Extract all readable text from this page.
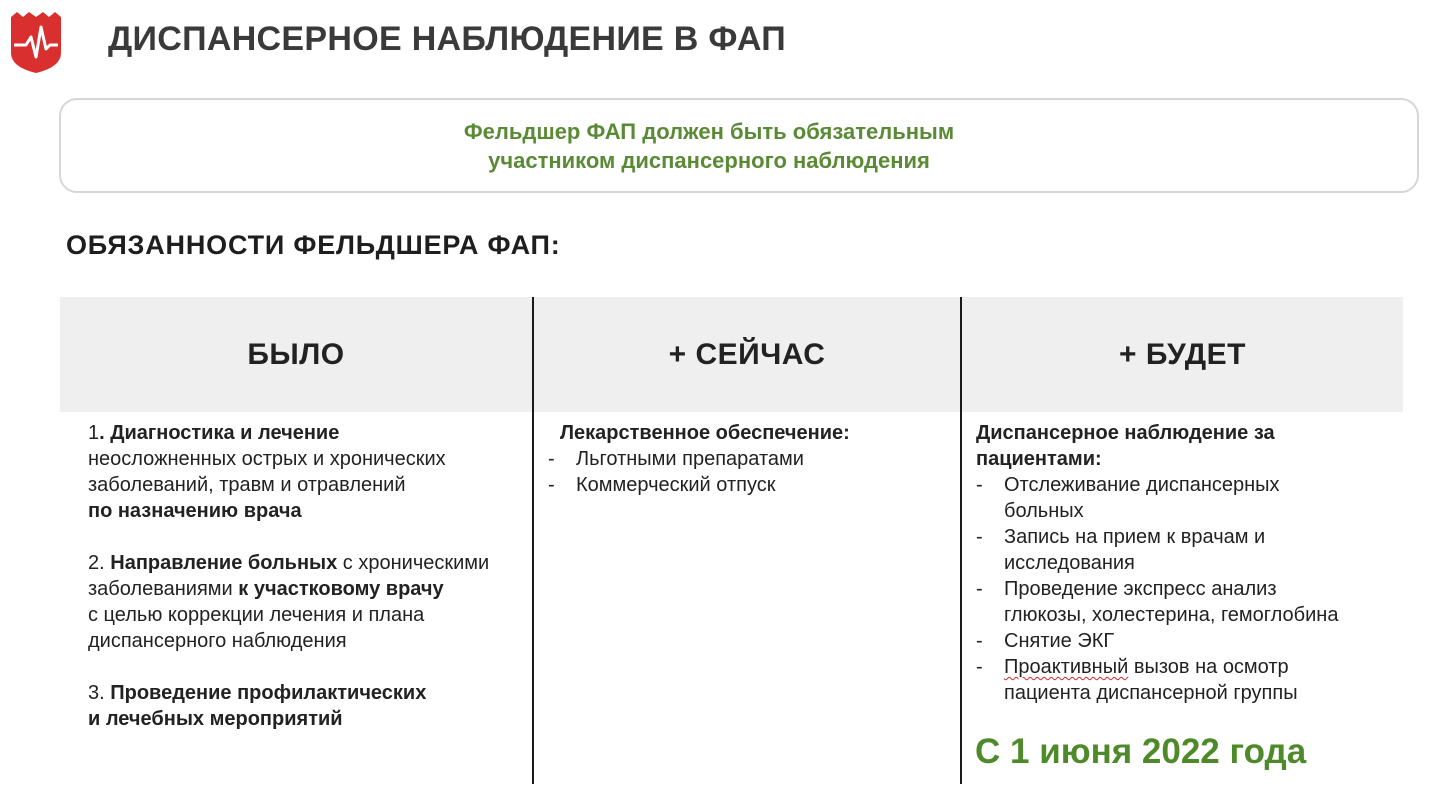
ДИСПАНСЕРНОЕ НАБЛЮДЕНИЕ В ФАП
Фельдшер ФАП должен быть обязательным
участником диспансерного наблюдения
ОБЯЗАННОСТИ ФЕЛЬДШЕРА ФАП:
БЫЛО	+ СЕЙЧАС	+ БУДЕТ

1. Диагностика и лечение
неосложненных острых и хронических
заболеваний, травм и отравлений
по назначению врача

2. Направление больных с хроническими
заболеваниями к участковому врачу
с целью коррекции лечения и плана
диспансерного наблюдения

3. Проведение профилактических
и лечебных мероприятий

Лекарственное обеспечение:

- Льготными препаратами
- Коммерческий отпуск

Диспансерное наблюдение за
пациентами:

- Отслеживание диспансерных
больных
- Запись на прием к врачам и
исследования
- Проведение экспресс анализ
глюкозы, холестерина, гемоглобина
- Снятие ЭКГ
- Проактивный вызов на осмотр
пациента диспансерной группы
С 1 июня 2022 года
